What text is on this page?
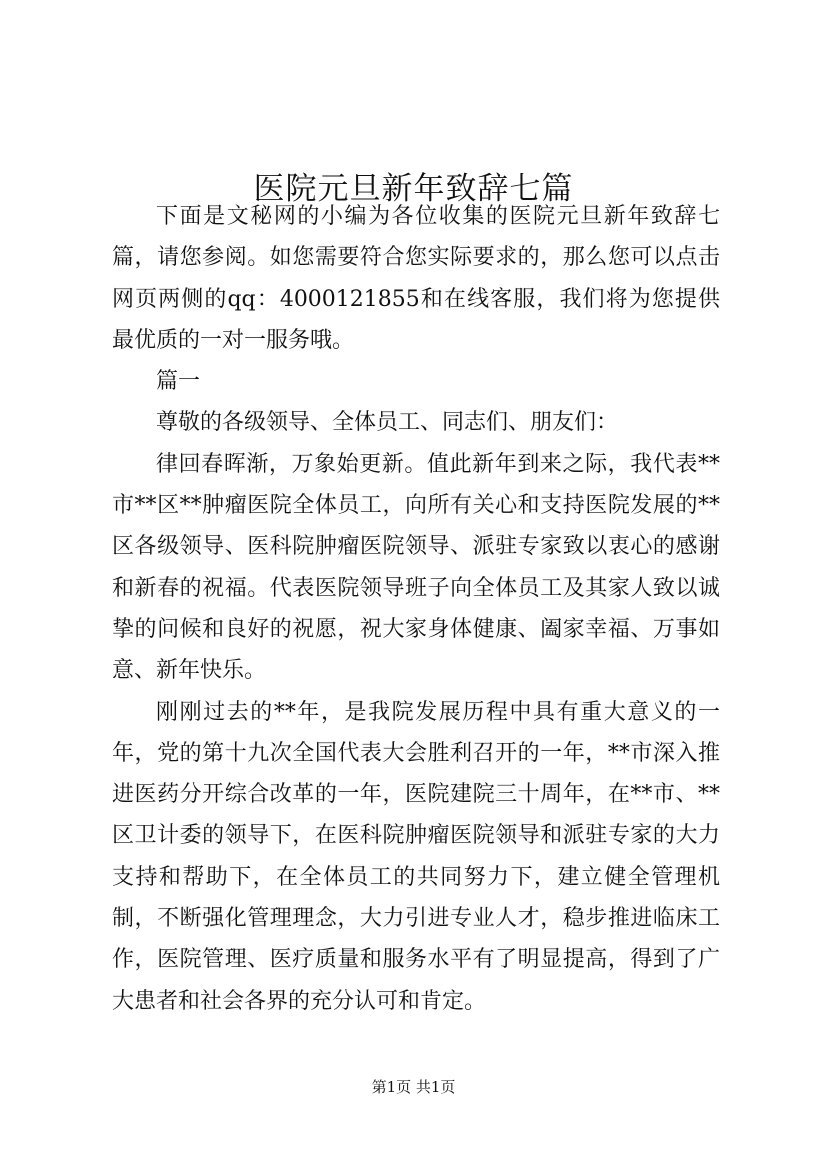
医院元旦新年致辞七篇

下面是文秘网的小编为各位收集的医院元旦新年致辞七篇，请您参阅。如您需要符合您实际要求的，那么您可以点击网页两侧的qq：4000121855和在线客服，我们将为您提供最优质的一对一服务哦。

篇一

尊敬的各级领导、全体员工、同志们、朋友们：

律回春晖渐，万象始更新。值此新年到来之际，我代表**市**区**肿瘤医院全体员工，向所有关心和支持医院发展的**区各级领导、医科院肿瘤医院领导、派驻专家致以衷心的感谢和新春的祝福。代表医院领导班子向全体员工及其家人致以诚挚的问候和良好的祝愿，祝大家身体健康、阖家幸福、万事如意、新年快乐。

刚刚过去的**年，是我院发展历程中具有重大意义的一年，党的第十九次全国代表大会胜利召开的一年，**市深入推进医药分开综合改革的一年，医院建院三十周年，在**市、**区卫计委的领导下，在医科院肿瘤医院领导和派驻专家的大力支持和帮助下，在全体员工的共同努力下，建立健全管理机制，不断强化管理理念，大力引进专业人才，稳步推进临床工作，医院管理、医疗质量和服务水平有了明显提高，得到了广大患者和社会各界的充分认可和肯定。

第1页 共1页
